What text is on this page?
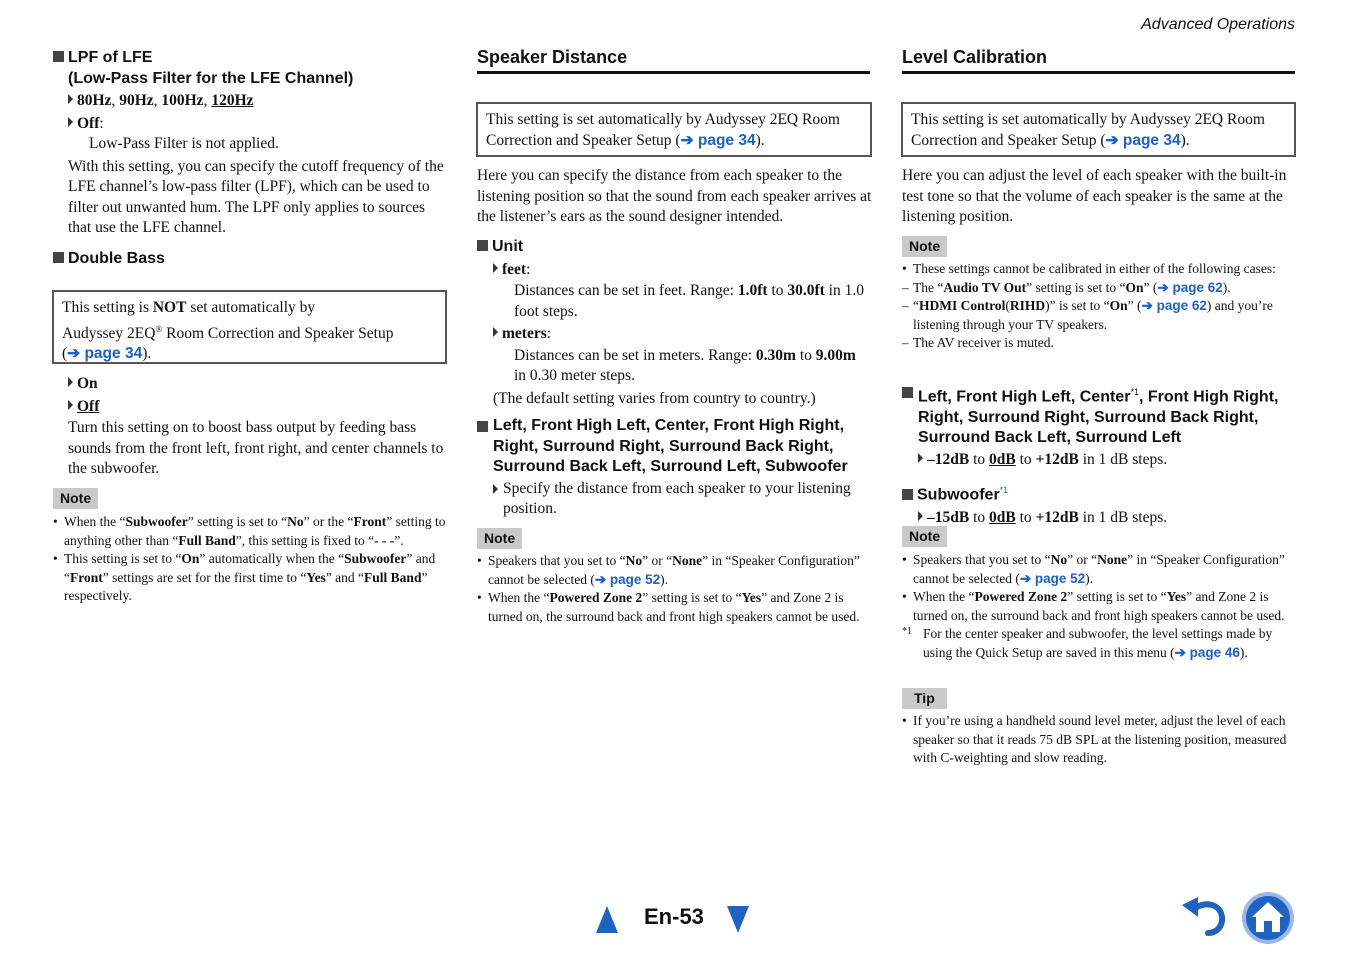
Advanced Operations
LPF of LFE
(Low-Pass Filter for the LFE Channel)
80Hz, 90Hz, 100Hz, 120Hz
Off:
Low-Pass Filter is not applied.
With this setting, you can specify the cutoff frequency of the LFE channel’s low-pass filter (LPF), which can be used to filter out unwanted hum. The LPF only applies to sources that use the LFE channel.
Double Bass
This setting is NOT set automatically by
Audyssey 2EQ® Room Correction and Speaker Setup
(➔ page 34).
On
Off
Turn this setting on to boost bass output by feeding bass sounds from the front left, front right, and center channels to the subwoofer.
Note
• When the “Subwoofer” setting is set to “No” or the “Front” setting to anything other than “Full Band”, this setting is fixed to “- - -”.
• This setting is set to “On” automatically when the “Subwoofer” and “Front” settings are set for the first time to “Yes” and “Full Band” respectively.
Speaker Distance
This setting is set automatically by Audyssey 2EQ Room Correction and Speaker Setup (➔ page 34).
Here you can specify the distance from each speaker to the listening position so that the sound from each speaker arrives at the listener’s ears as the sound designer intended.
Unit
feet:
Distances can be set in feet. Range: 1.0ft to 30.0ft in 1.0 foot steps.
meters:
Distances can be set in meters. Range: 0.30m to 9.00m in 0.30 meter steps.
(The default setting varies from country to country.)
Left, Front High Left, Center, Front High Right, Right, Surround Right, Surround Back Right, Surround Back Left, Surround Left, Subwoofer
Specify the distance from each speaker to your listening position.
Note
• Speakers that you set to “No” or “None” in “Speaker Configuration” cannot be selected (➔ page 52).
• When the “Powered Zone 2” setting is set to “Yes” and Zone 2 is turned on, the surround back and front high speakers cannot be used.
Level Calibration
This setting is set automatically by Audyssey 2EQ Room Correction and Speaker Setup (➔ page 34).
Here you can adjust the level of each speaker with the built-in test tone so that the volume of each speaker is the same at the listening position.
Note
• These settings cannot be calibrated in either of the following cases:
– The “Audio TV Out” setting is set to “On” (➔ page 62).
– “HDMI Control(RIHD)” is set to “On” (➔ page 62) and you’re listening through your TV speakers.
– The AV receiver is muted.
Left, Front High Left, Center$^{*1}$, Front High Right, Right, Surround Right, Surround Back Right, Surround Back Left, Surround Left
–12dB to 0dB to +12dB in 1 dB steps.
Subwoofer$^{*1}$
–15dB to 0dB to +12dB in 1 dB steps.
Note
• Speakers that you set to “No” or “None” in “Speaker Configuration” cannot be selected (➔ page 52).
• When the “Powered Zone 2” setting is set to “Yes” and Zone 2 is turned on, the surround back and front high speakers cannot be used.
*1 For the center speaker and subwoofer, the level settings made by using the Quick Setup are saved in this menu (➔ page 46).
Tip
• If you’re using a handheld sound level meter, adjust the level of each speaker so that it reads 75 dB SPL at the listening position, measured with C-weighting and slow reading.
En-53
